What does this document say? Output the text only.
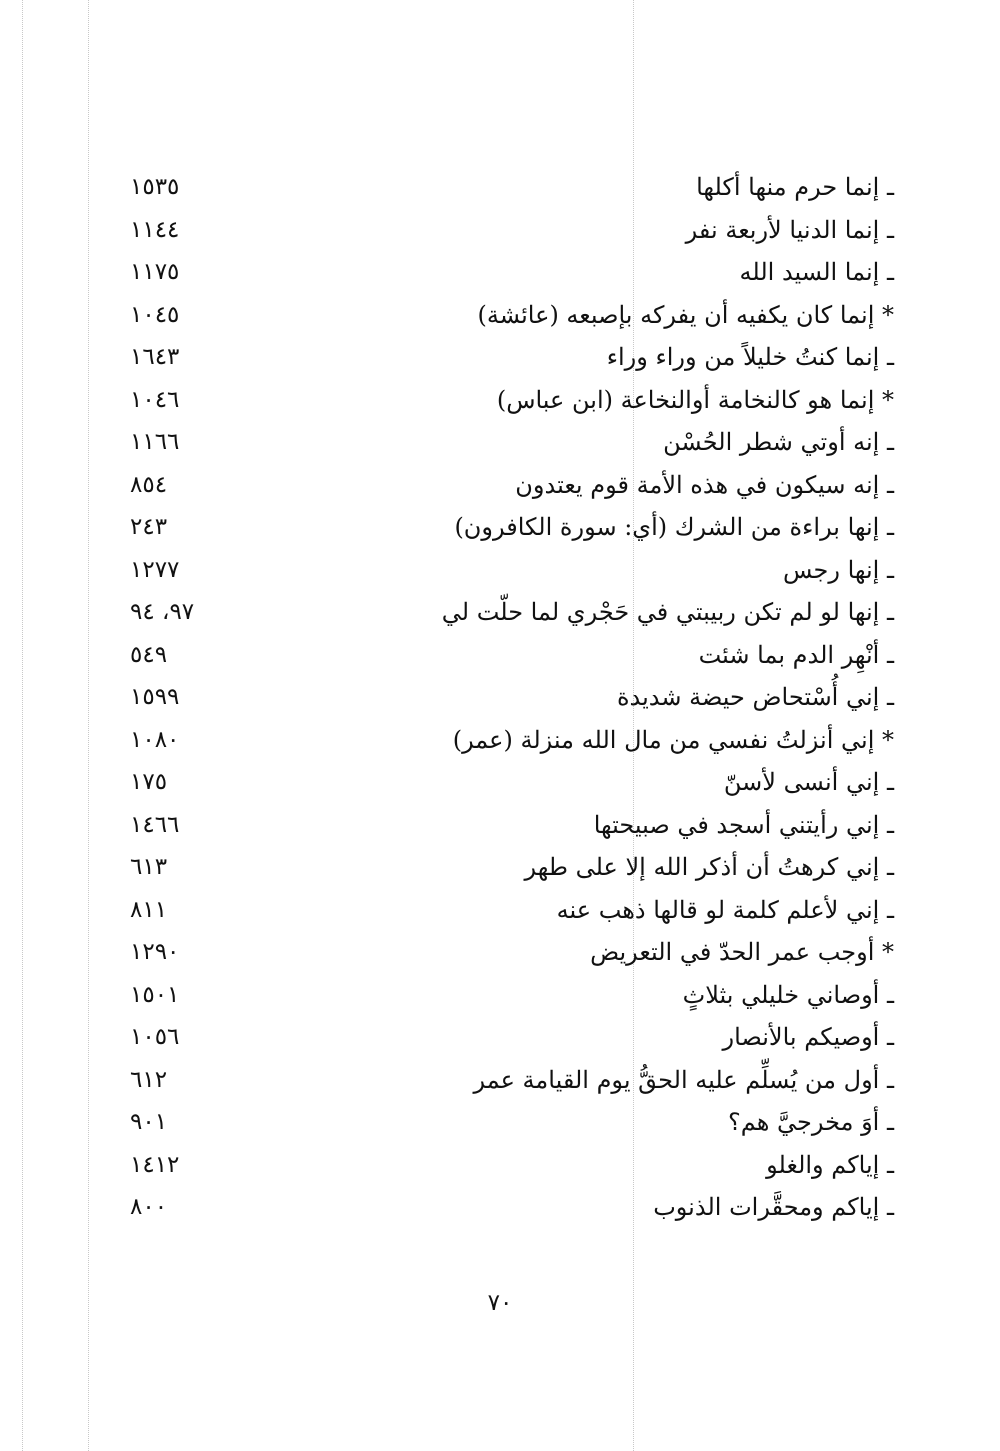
١٥٣٥	ـ إنما حرم منها أكلها
١١٤٤	ـ إنما الدنيا لأربعة نفر
١١٧٥	ـ إنما السيد الله
١٠٤٥	* إنما كان يكفيه أن يفركه بإصبعه (عائشة)
١٦٤٣	ـ إنما كنتُ خليلاً من وراء وراء
١٠٤٦	* إنما هو كالنخامة أوالنخاعة (ابن عباس)
١١٦٦	ـ إنه أوتي شطر الحُسْن
٨٥٤	ـ إنه سيكون في هذه الأمة قوم يعتدون
٢٤٣	ـ إنها براءة من الشرك (أي: سورة الكافرون)
١٢٧٧	ـ إنها رجس
٩٧، ٩٤	ـ إنها لو لم تكن ربيبتي في حَجْري لما حلّت لي
٥٤٩	ـ أنْهِر الدم بما شئت
١٥٩٩	ـ إني أُسْتحاض حيضة شديدة
١٠٨٠	* إني أنزلتُ نفسي من مال الله منزلة (عمر)
١٧٥	ـ إني أنسى لأسنّ
١٤٦٦	ـ إني رأيتني أسجد في صبيحتها
٦١٣	ـ إني كرهتُ أن أذكر الله إلا على طهر
٨١١	ـ إني لأعلم كلمة لو قالها ذهب عنه
١٢٩٠	* أوجب عمر الحدّ في التعريض
١٥٠١	ـ أوصاني خليلي بثلاثٍ
١٠٥٦	ـ أوصيكم بالأنصار
٦١٢	ـ أول من يُسلِّم عليه الحقُّ يوم القيامة عمر
٩٠١	ـ أوَ مخرجيَّ هم؟
١٤١٢	ـ إياكم والغلو
٨٠٠	ـ إياكم ومحقَّرات الذنوب
٧٠
